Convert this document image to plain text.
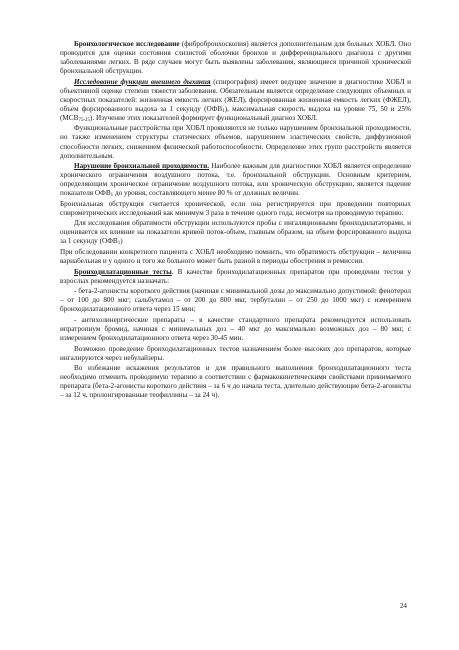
Бронхологическое исследование (фибробронхоскопия) является дополнительным для больных ХОБЛ. Оно проводится для оценки состояния слизистой оболочки бронхов и дифференциального диагноза с другими заболеваниями легких. В ряде случаев могут быть выявлены заболевания, являющиеся причиной хронической бронхиальной обструкции.

Исследование функции внешнего дыхания (спирография) имеет ведущее значение в диагностике ХОБЛ и объективной оценке степени тяжести заболевания. Обязательным является определение следующих объемных и скоростных показателей: жизненная емкость легких (ЖЕЛ), форсированная жизненная емкость легких (ФЖЕЛ), объем форсированного выдоха за 1 секунду $(ОФВ_1)$, максимальная скорость выдоха на уровне 75, 50 и 25% $(МСВ_{75-25})$. Изучение этих показателей формирует функциональный диагноз ХОБЛ.

Функциональные расстройства при ХОБЛ проявляются не только нарушением бронхиальной проходимости, но также изменением структуры статических объемов, нарушением эластических свойств, диффузионной способности легких, снижением физической работоспособности. Определение этих групп расстройств является дополнительным.

Нарушение бронхиальной проходимости. Наиболее важным для диагностики ХОБЛ является определение хронического ограничения воздушного потока, т.е. бронхиальной обструкции. Основным критерием, определяющим хроническое ограничение воздушного потока, или хроническую обструкцию, является падение показателя $ОФВ_1$ до уровня, составляющего менее 80 % от должных величин.

Бронхиальная обструкция считается хронической, если она регистрируется при проведении повторных спирометрических исследований как минимум 3 раза в течение одного года, несмотря на проводимую терапию.

Для исследования обратимости обструкции используются пробы с ингаляционными бронходилататорами, и оценивается их влияние на показатели кривой поток-объем, главным образом, на объем форсированного выдоха за 1 секунду $(ОФВ_1)$

При обследовании конкретного пациента с ХОБЛ необходимо помнить, что обратимость обструкции – величина вариабельная и у одного и того же больного может быть разной в периоды обострения и ремиссии.

Бронходилатационные тесты. В качестве бронходилатационных препаратов при проведении тестов у взрослых рекомендуется назначать:

- бета-2-агонисты короткого действия (начиная с минимальной дозы до максимально допустимой: фенотерол – от 100 до 800 мкг; сальбутамол – от 200 до 800 мкг, тербуталин – от 250 до 1000 мкг) с измерением бронходилатационного ответа через 15 мин;

- антихолинергические препараты – в качестве стандартного препарата рекомендуется использовать ипратропиум бромид, начиная с минимальных доз – 40 мкг до максимально возможных доз – 80 мкг, с измерением бронходилатационного ответа через 30-45 мин.

Возможно проведение бронходилатационных тестов назначением более высоких доз препаратов, которые ингалируются через небулайзеры.

Во избежание искажения результатов и для правильного выполнения бронходилатационного теста необходимо отменить проводимую терапию в соответствии с фармакокинетическими свойствами принимаемого препарата (бета-2-агонисты короткого действия – за 6 ч до начала теста, длительно действующие бета-2-агонисты – за 12 ч, пролонгированные теофиллины – за 24 ч).

24
